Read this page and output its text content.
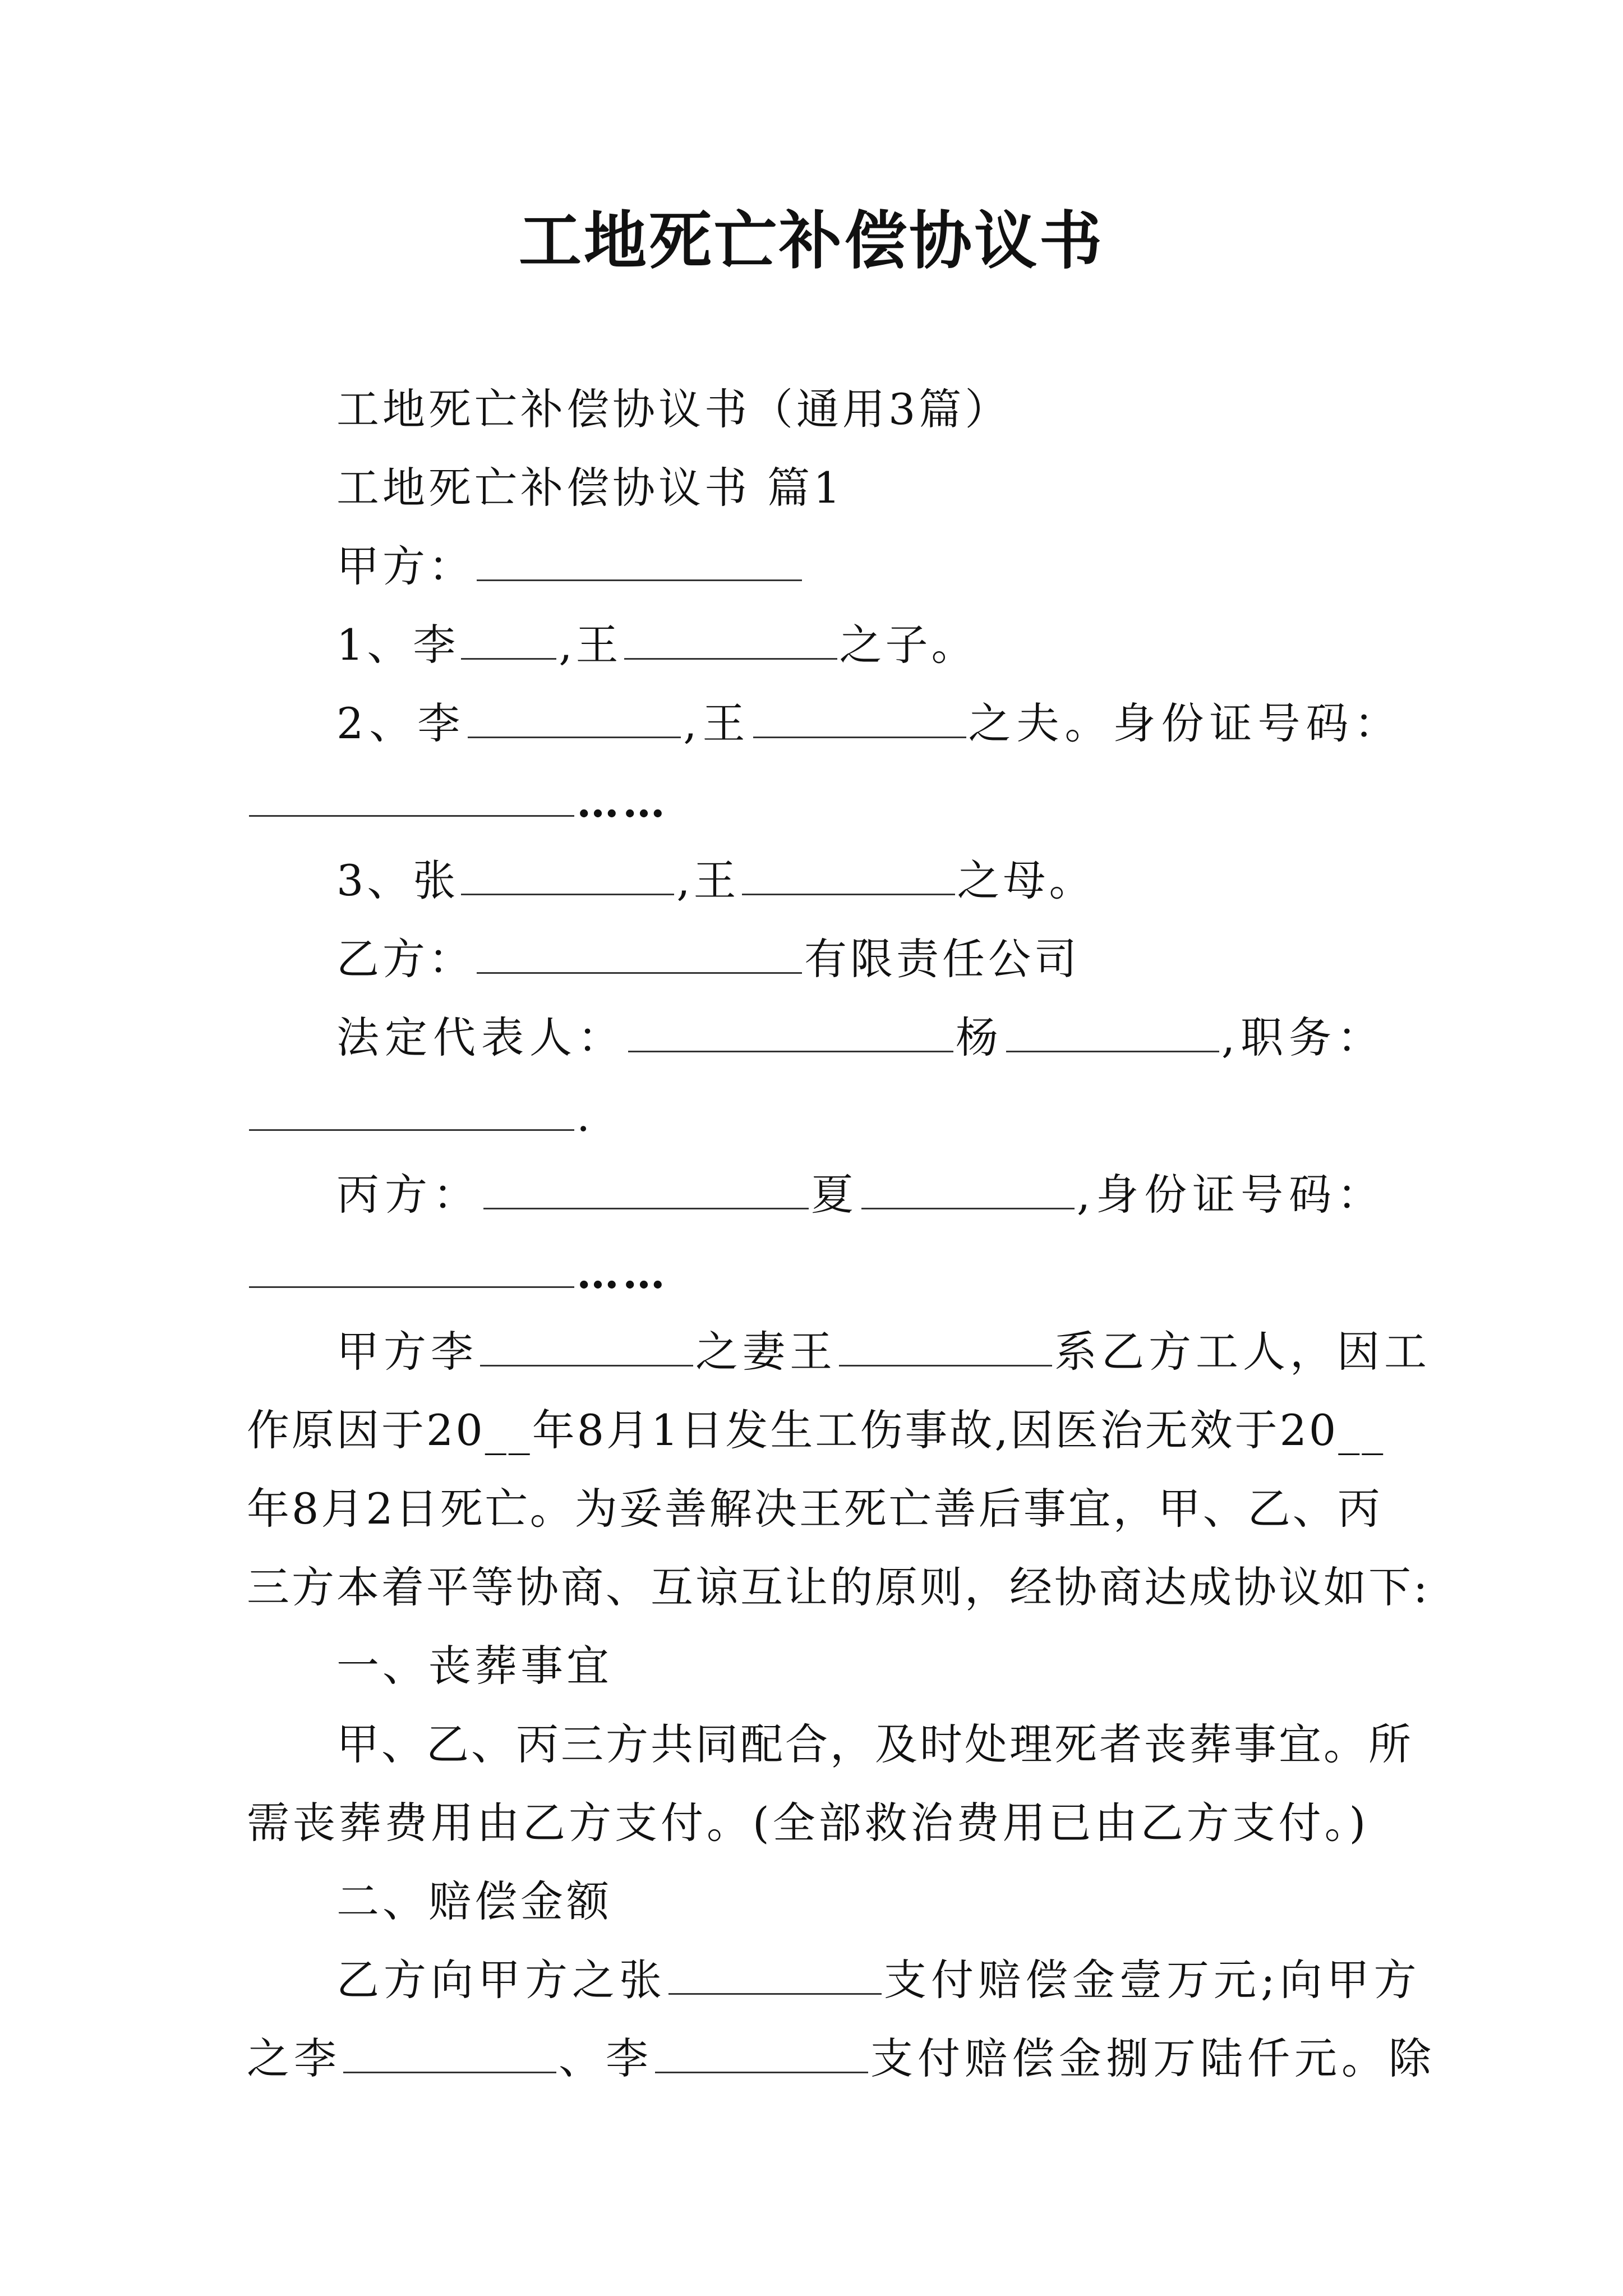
工地死亡补偿协议书
工地死亡补偿协议书（通用3篇）
工地死亡补偿协议书 篇1
甲方：
1、李 ,王	之子。
2、李	,王	之夫。身份证号码：
……
3、张	,王	之母。
乙方：	有限责任公司
法定代表人：	杨	,职务：
.
丙方：	夏	,身份证号码：
……
甲方李	之妻王	系乙方工人，因工
作原因于20__年8月1日发生工伤事故,因医治无效于20__
年8月2日死亡。为妥善解决王死亡善后事宜，甲、乙、丙
三方本着平等协商、互谅互让的原则，经协商达成协议如下:
一、丧葬事宜
甲、乙、丙三方共同配合，及时处理死者丧葬事宜。所
需丧葬费用由乙方支付。(全部救治费用已由乙方支付。)
二、赔偿金额
乙方向甲方之张	支付赔偿金壹万元;向甲方
之李	、李	支付赔偿金捌万陆仟元。除
